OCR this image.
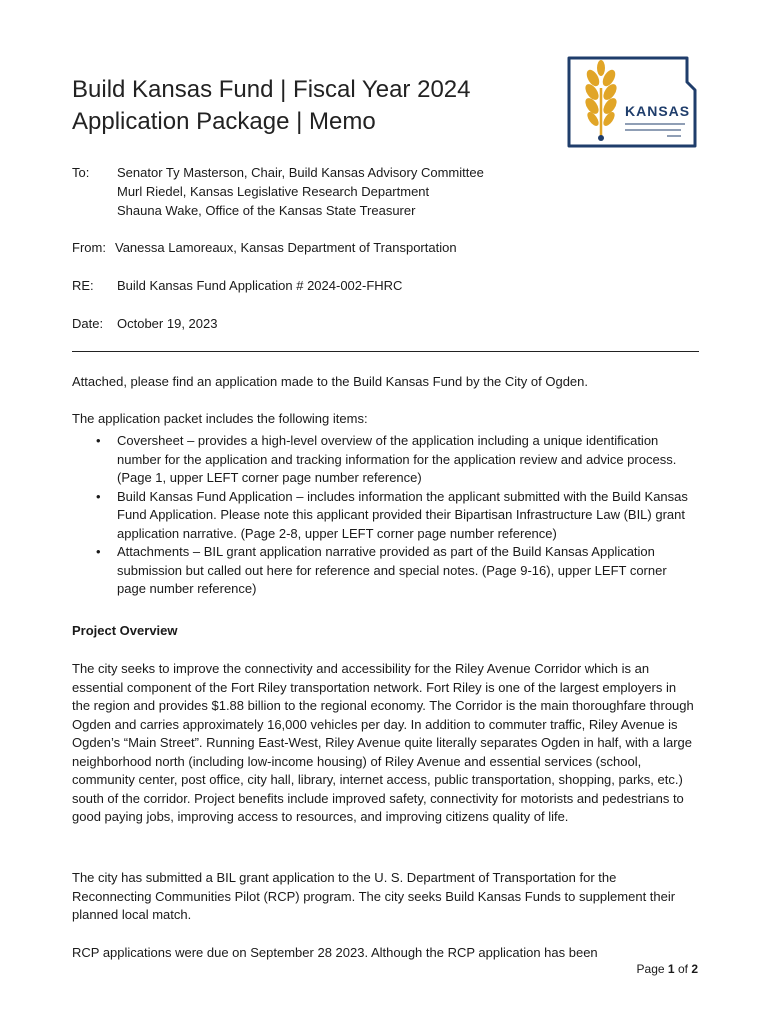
Build Kansas Fund | Fiscal Year 2024
Application Package | Memo	KANSAS
To:	Senator Ty Masterson, Chair, Build Kansas Advisory Committee
Murl Riedel, Kansas Legislative Research Department
Shauna Wake, Office of the Kansas State Treasurer
From: Vanessa Lamoreaux, Kansas Department of Transportation
RE: Build Kansas Fund Application # 2024-002-FHRC
Date: October 19, 2023

Attached, please find an application made to the Build Kansas Fund by the City of Ogden.

The application packet includes the following items:

• Coversheet – provides a high-level overview of the application including a unique identification number for the application and tracking information for the application review and advice process. (Page 1, upper LEFT corner page number reference)
• Build Kansas Fund Application – includes information the applicant submitted with the Build Kansas Fund Application. Please note this applicant provided their Bipartisan Infrastructure Law (BIL) grant application narrative. (Page 2-8, upper LEFT corner page number reference)
• Attachments – BIL grant application narrative provided as part of the Build Kansas Application submission but called out here for reference and special notes. (Page 9-16), upper LEFT corner page number reference)
Project Overview

The city seeks to improve the connectivity and accessibility for the Riley Avenue Corridor which is an essential component of the Fort Riley transportation network. Fort Riley is one of the largest employers in the region and provides $1.88 billion to the regional economy. The Corridor is the main thoroughfare through Ogden and carries approximately 16,000 vehicles per day. In addition to commuter traffic, Riley Avenue is Ogden’s “Main Street”. Running East-West, Riley Avenue quite literally separates Ogden in half, with a large neighborhood north (including low-income housing) of Riley Avenue and essential services (school, community center, post office, city hall, library, internet access, public transportation, shopping, parks, etc.) south of the corridor. Project benefits include improved safety, connectivity for motorists and pedestrians to good paying jobs, improving access to resources, and improving citizens quality of life.

The city has submitted a BIL grant application to the U. S. Department of Transportation for the Reconnecting Communities Pilot (RCP) program. The city seeks Build Kansas Funds to supplement their planned local match.

RCP applications were due on September 28 2023. Although the RCP application has been

Page 1 of 2
